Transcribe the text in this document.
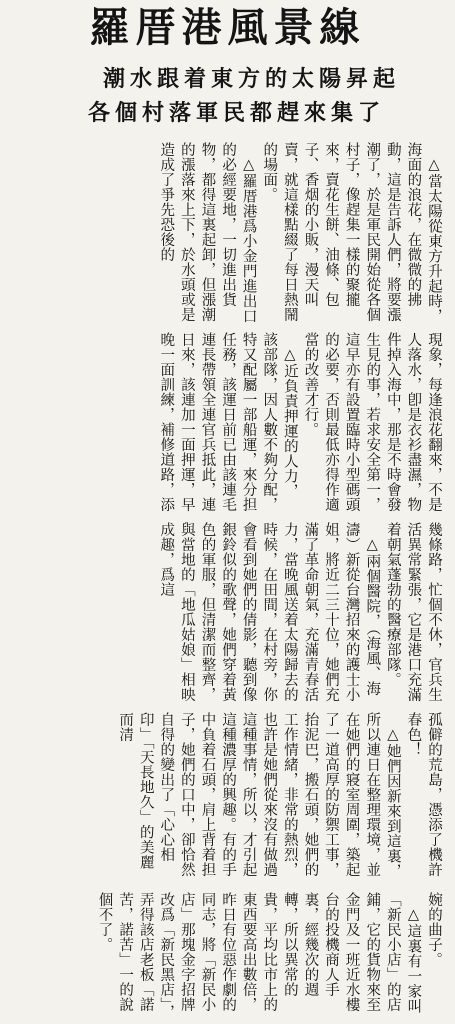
羅厝港風景線
潮水跟着東方的太陽昇起
各個村落軍民都趕來集了

△當太陽從東方升起時，海面的浪花，在微微的拂動，這是告訴人們，將要漲潮了，於是軍民開始從各個村子，像趕集一樣的聚攏來，賣花生餅、油條、包子、香烟的小販，漫天叫賣，就這樣點綴了每日熱鬧的場面。

△羅厝港爲小金門進出口的必經要地，一切進出貨物，都得這裏起卸，但漲潮的漲落來上下，於水頭或是造成了爭先恐後的

現象，每逢浪花翻來，不是人落水，卽是衣衫盡濕，物件掉入海中，那是不時會發生見的事，若求安全第一，這早亦有設置臨時小型碼頭的必要，否則最低亦得作適當的改善才行。

△近負責押運的人力，該部隊，因人數不夠分配，特又配屬一部船運，來分担任務，該運日前已由該連毛連長帶領全連官兵抵此，連日來，該連加一面押運，早晚一面訓練，補修道路，添

幾條路，忙個不休，官兵生活異常緊張，它是港口充滿着朝氣蓬勃的醫療部隊。

△兩個醫院，（海風、海濤）新從台灣招來的護士小姐，將近二三十位，她們充滿了革命朝氣，充滿青春活力，當晚風送着太陽歸去的時候，在田間，在村旁，你會看到她們的倩影，聽到像銀鈴似的歌聲，她們穿着黃色的軍服，但清潔而整齊，與當地的「地瓜姑娘」相映成趣，爲這

孤僻的荒島，憑添了機許春色！

△她們因新來到這裏，所以連日在整理環境，並在她們的寢室周圍，築起了一道高厚的防禦工事，抬泥巴，搬石頭，她們的工作情緒，非常的熱烈，也許是她們從來沒有做過這種事情，所以，才引起這種濃厚的興趣。有的手中負着石頭，肩上背着担子，她們的口中，卻恰然自得的變出了「心心相印」「天長地久」的美麗而清

婉的曲子。

△這裏有一家叫「新民小店」的店鋪，它的貨物來至金門及一班近水樓台的投機商人手裏，經幾次的週轉，所以異常的貴，平均比市上的東西要高出數倍，昨日有位惡作劇的同志，將「新民小店」那塊金字招牌改爲「新民黑店」，弄得該店老板「諾苦，諾苦」一的說個不了。
